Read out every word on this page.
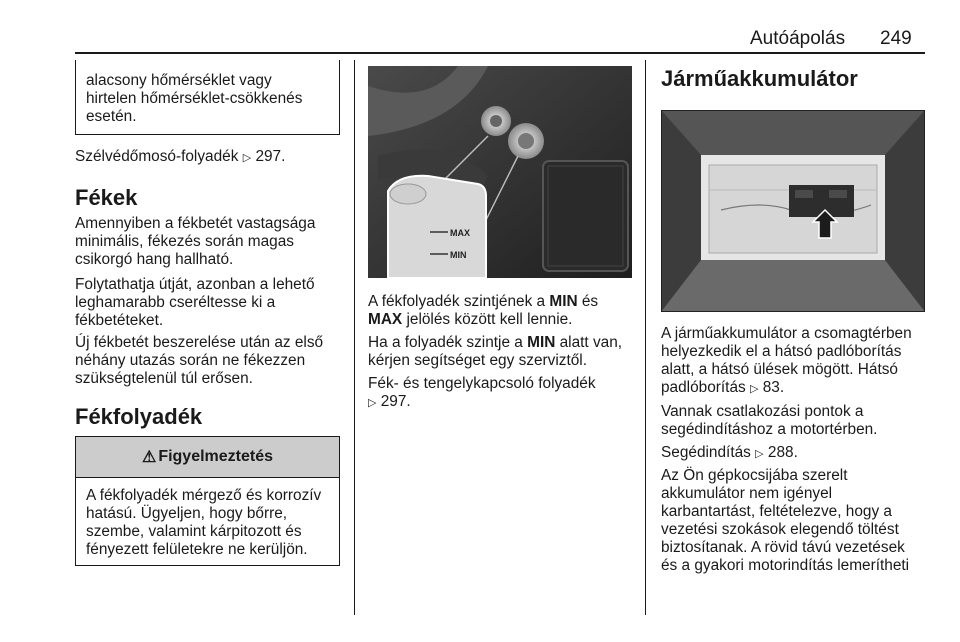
Autóápolás 249

alacsony hőmérséklet vagy

hirtelen hőmérséklet-csökkenés

esetén.

Szélvédőmosó-folyadék ▷ 297.

Fékek

Amennyiben a fékbetét vastagsága

minimális, fékezés során magas

csikorgó hang hallható.

Folytathatja útját, azonban a lehető

leghamarabb cseréltesse ki a

fékbetéteket.

Új fékbetét beszerelése után az első

néhány utazás során ne fékezzen

szükségtelenül túl erősen.

Fékfolyadék
⚠ Figyelmeztetés

A fékfolyadék mérgező és korrozív

hatású. Ügyeljen, hogy bőrre,

szembe, valamint kárpitozott és

fényezett felületekre ne kerüljön.

MAX
MIN

A fékfolyadék szintjének a MIN és

MAX jelölés között kell lennie.

Ha a folyadék szintje a MIN alatt van,

kérjen segítséget egy szerviztől.

Fék- és tengelykapcsoló folyadék

▷ 297.

Járműakkumulátor

A járműakkumulátor a csomagtérben

helyezkedik el a hátsó padlóborítás

alatt, a hátsó ülések mögött. Hátsó

padlóborítás ▷ 83.

Vannak csatlakozási pontok a

segédindításhoz a motortérben.

Segédindítás ▷ 288.

Az Ön gépkocsijába szerelt

akkumulátor nem igényel

karbantartást, feltételezve, hogy a

vezetési szokások elegendő töltést

biztosítanak. A rövid távú vezetések

és a gyakori motorindítás lemerítheti
